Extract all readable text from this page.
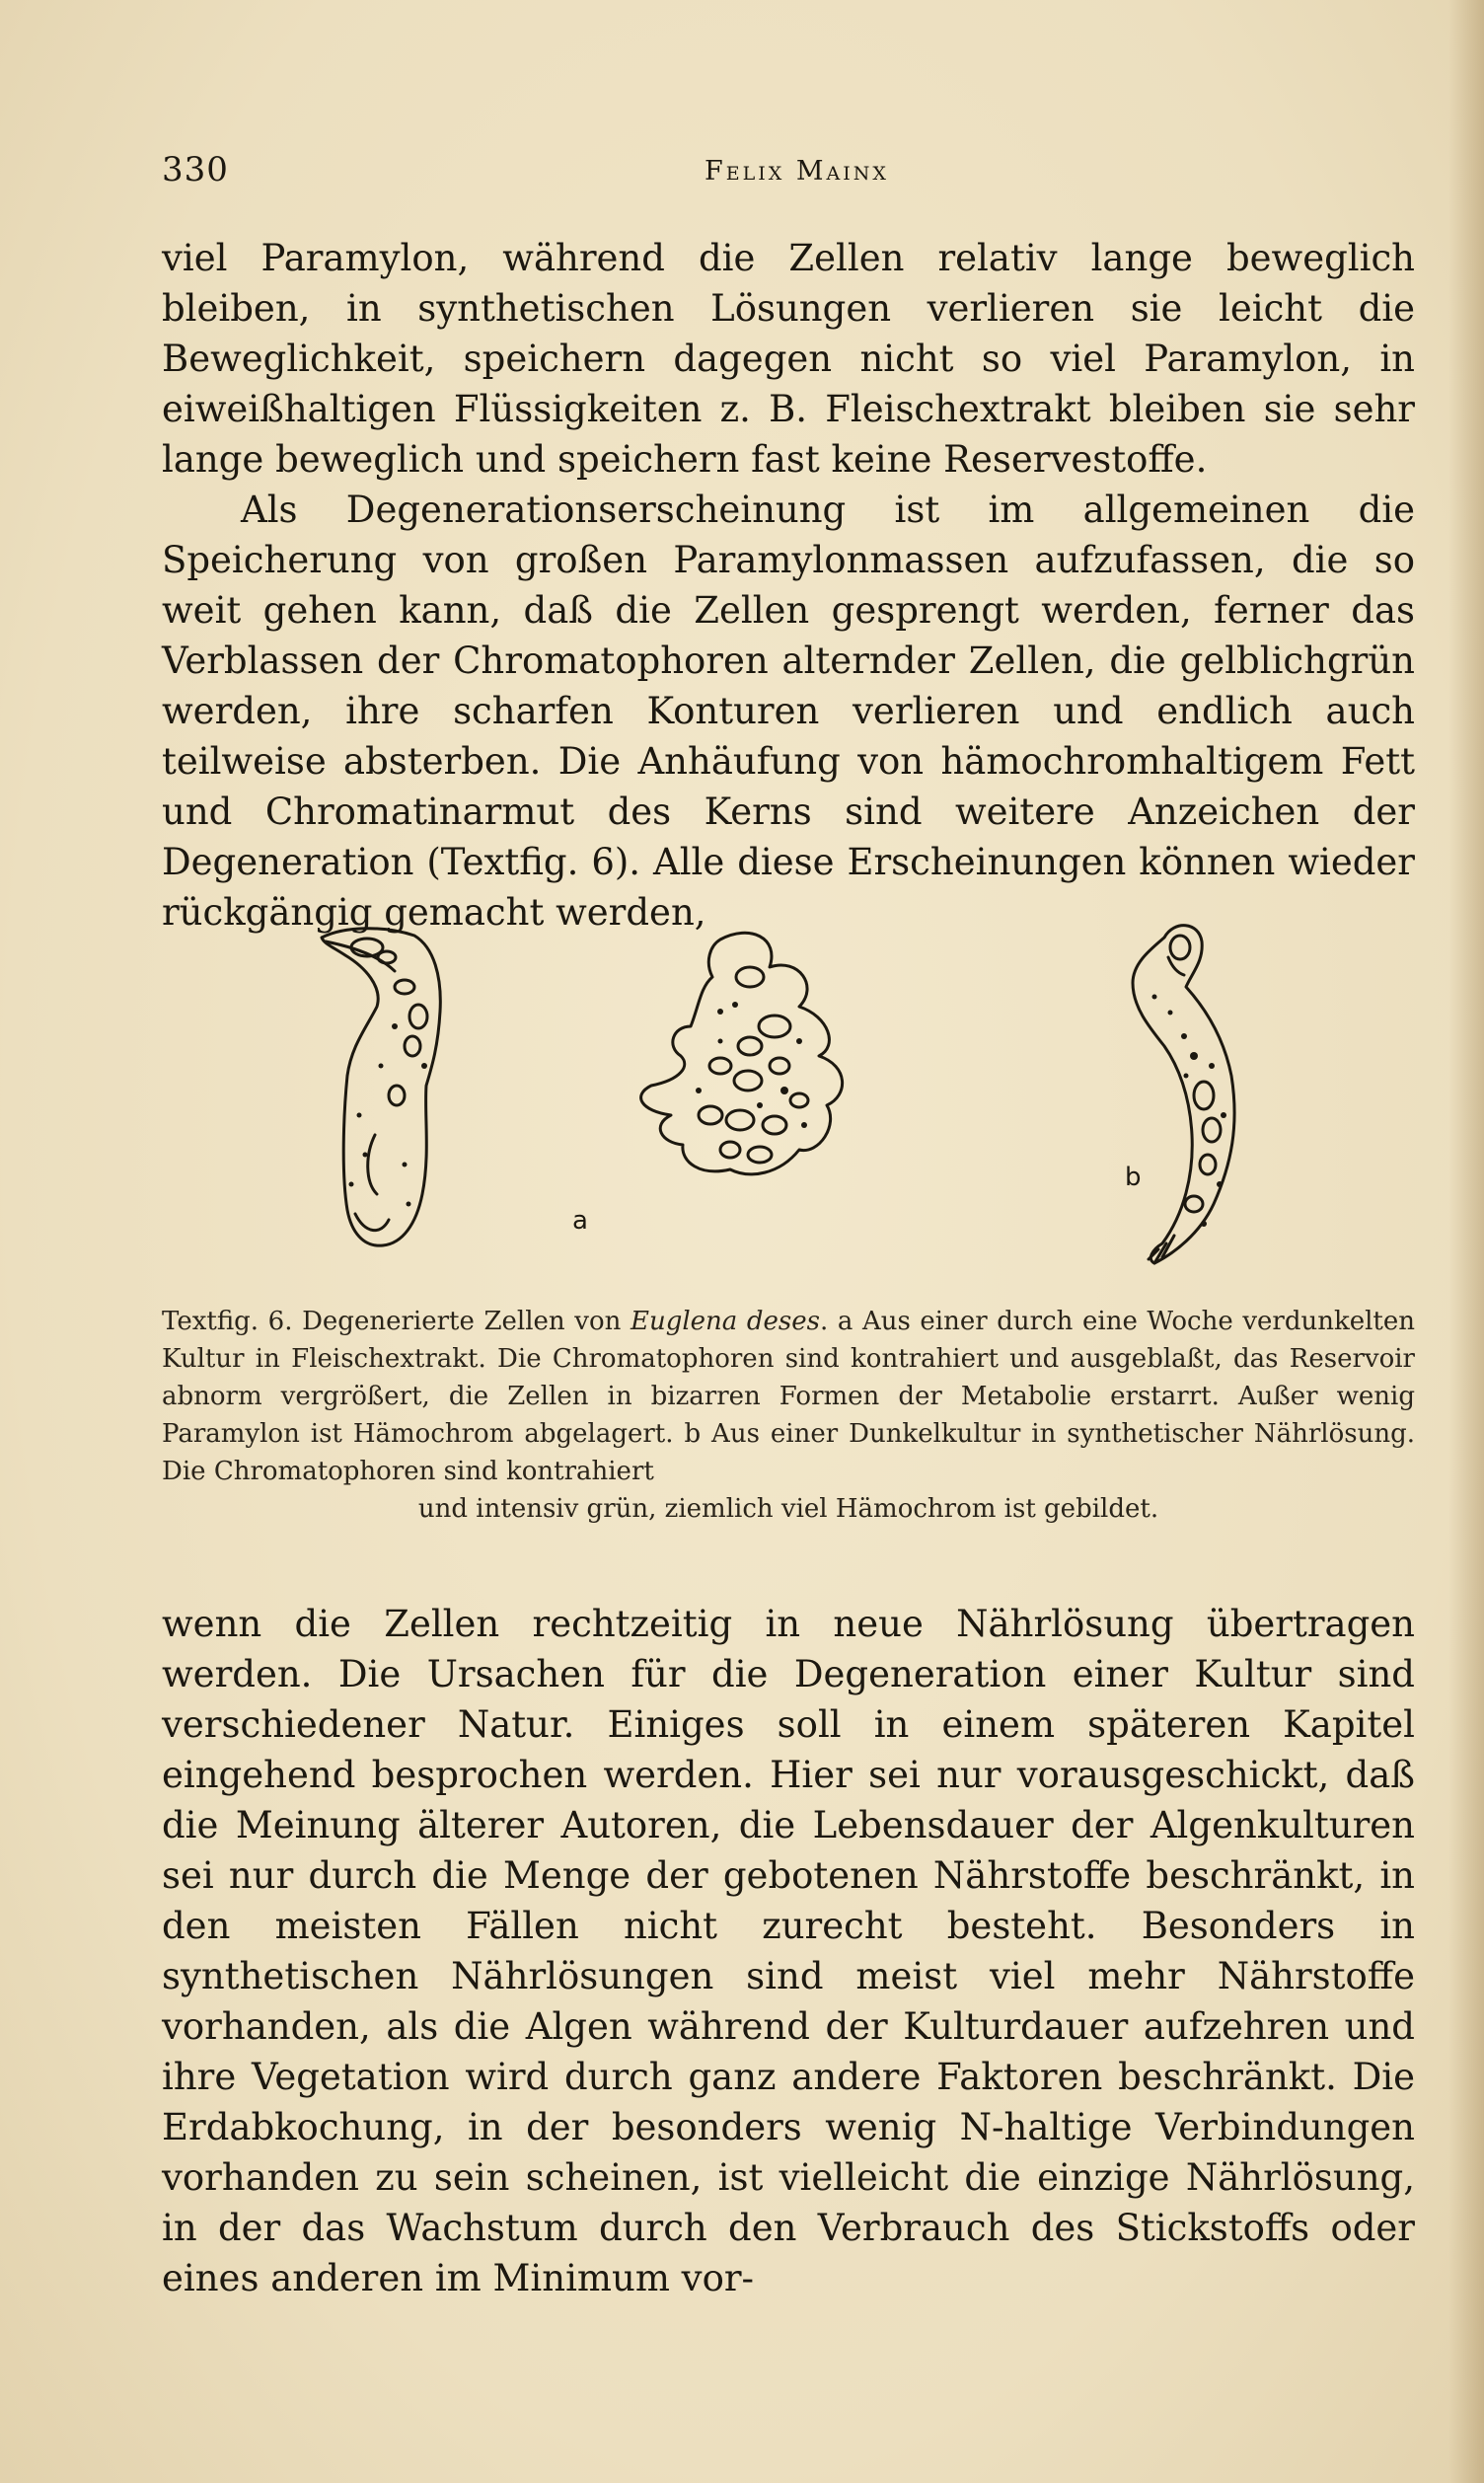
330	Felix Mainx

viel Paramylon, während die Zellen relativ lange beweglich bleiben, in synthetischen Lösungen verlieren sie leicht die Beweglichkeit, speichern dagegen nicht so viel Paramylon, in eiweißhaltigen Flüssigkeiten z. B. Fleischextrakt bleiben sie sehr lange beweglich und speichern fast keine Reservestoffe.

Als Degenerationserscheinung ist im allgemeinen die Speicherung von großen Paramylonmassen aufzufassen, die so weit gehen kann, daß die Zellen gesprengt werden, ferner das Verblassen der Chromatophoren alternder Zellen, die gelblichgrün werden, ihre scharfen Konturen verlieren und endlich auch teilweise absterben. Die Anhäufung von hämochromhaltigem Fett und Chromatinarmut des Kerns sind weitere Anzeichen der Degeneration (Textfig. 6). Alle diese Erscheinungen können wieder rückgängig gemacht werden,

a
b
Textfig. 6. Degenerierte Zellen von Euglena deses. a Aus einer durch eine Woche verdunkelten Kultur in Fleischextrakt. Die Chromatophoren sind kontrahiert und ausgeblaßt, das Reservoir abnorm vergrößert, die Zellen in bizarren Formen der Metabolie erstarrt. Außer wenig Paramylon ist Hämochrom abgelagert. b Aus einer Dunkelkultur in synthetischer Nährlösung. Die Chromatophoren sind kontrahiert
und intensiv grün, ziemlich viel Hämochrom ist gebildet.

wenn die Zellen rechtzeitig in neue Nährlösung übertragen werden. Die Ursachen für die Degeneration einer Kultur sind verschiedener Natur. Einiges soll in einem späteren Kapitel eingehend besprochen werden. Hier sei nur vorausgeschickt, daß die Meinung älterer Autoren, die Lebensdauer der Algenkulturen sei nur durch die Menge der gebotenen Nährstoffe beschränkt, in den meisten Fällen nicht zurecht besteht. Besonders in synthetischen Nährlösungen sind meist viel mehr Nährstoffe vorhanden, als die Algen während der Kulturdauer aufzehren und ihre Vegetation wird durch ganz andere Faktoren beschränkt. Die Erdabkochung, in der besonders wenig N-haltige Verbindungen vorhanden zu sein scheinen, ist vielleicht die einzige Nährlösung, in der das Wachstum durch den Verbrauch des Stickstoffs oder eines anderen im Minimum vor-
